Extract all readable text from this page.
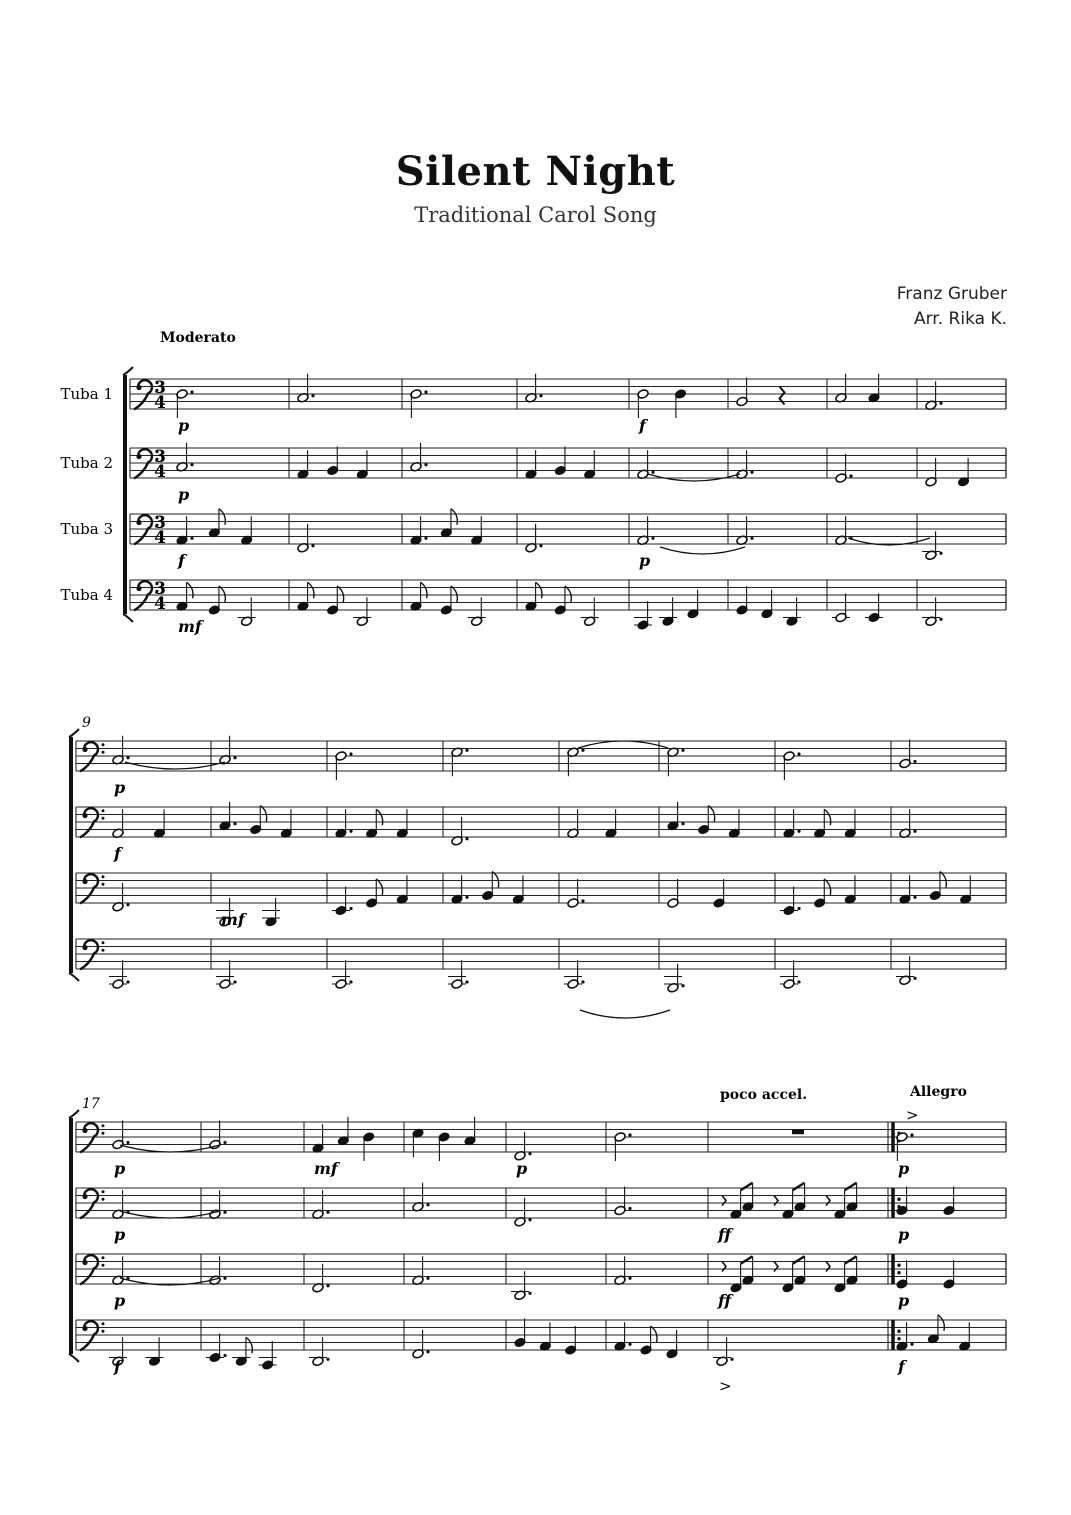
Silent Night
Traditional Carol Song
Franz Gruber
Arr. Rika K.
3
4
Tuba 1
3
4
Tuba 2
3
4
Tuba 3
3
4
Tuba 4
p	f
p
f	p
mf
9
p
f
mf
17
p	mf	p	p
p	ff	p
p	ff	p
f	f
Moderato
poco accel.	Allegro
>
>
